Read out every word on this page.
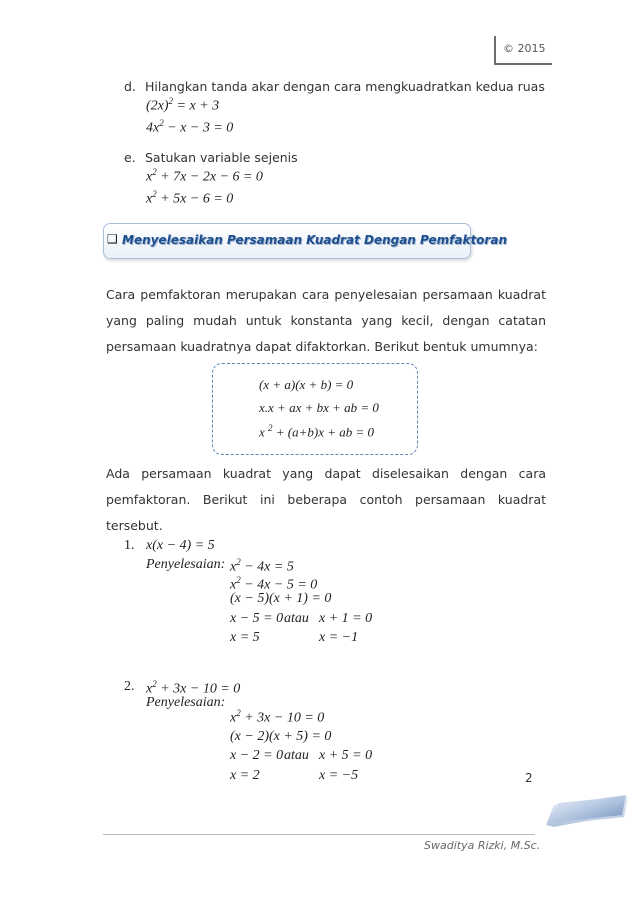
© 2015
d. Hilangkan tanda akar dengan cara mengkuadratkan kedua ruas
$(2x)^2 = x + 3$
$4x^2 - x - 3 = 0$
e. Satukan variable sejenis
$x^2 + 7x - 2x - 6 = 0$
$x^2 + 5x - 6 = 0$
❑ Menyelesaikan Persamaan Kuadrat Dengan Pemfaktoran
Cara pemfaktoran merupakan cara penyelesaian persamaan kuadrat yang paling mudah untuk konstanta yang kecil, dengan catatan persamaan kuadratnya dapat difaktorkan. Berikut bentuk umumnya:
(x + a)(x + b) = 0
x.x + ax + bx + ab = 0
x $^2$ + (a+b)x + ab = 0
Ada persamaan kuadrat yang dapat diselesaikan dengan cara pemfaktoran. Berikut ini beberapa contoh persamaan kuadrat tersebut.
1. x(x − 4) = 5
Penyelesaian: $x^2 - 4x = 5$
$x^2 - 4x - 5 = 0$
(x − 5)(x + 1) = 0
x − 5 = 0 atau x + 1 = 0
x = 5	x = −1
2. $x^2 + 3x - 10 = 0$
Penyelesaian:
$x^2 + 3x - 10 = 0$
(x − 2)(x + 5) = 0
x − 2 = 0 atau x + 5 = 0
x = 2	x = −5	2
Swaditya Rizki, M.Sc.
